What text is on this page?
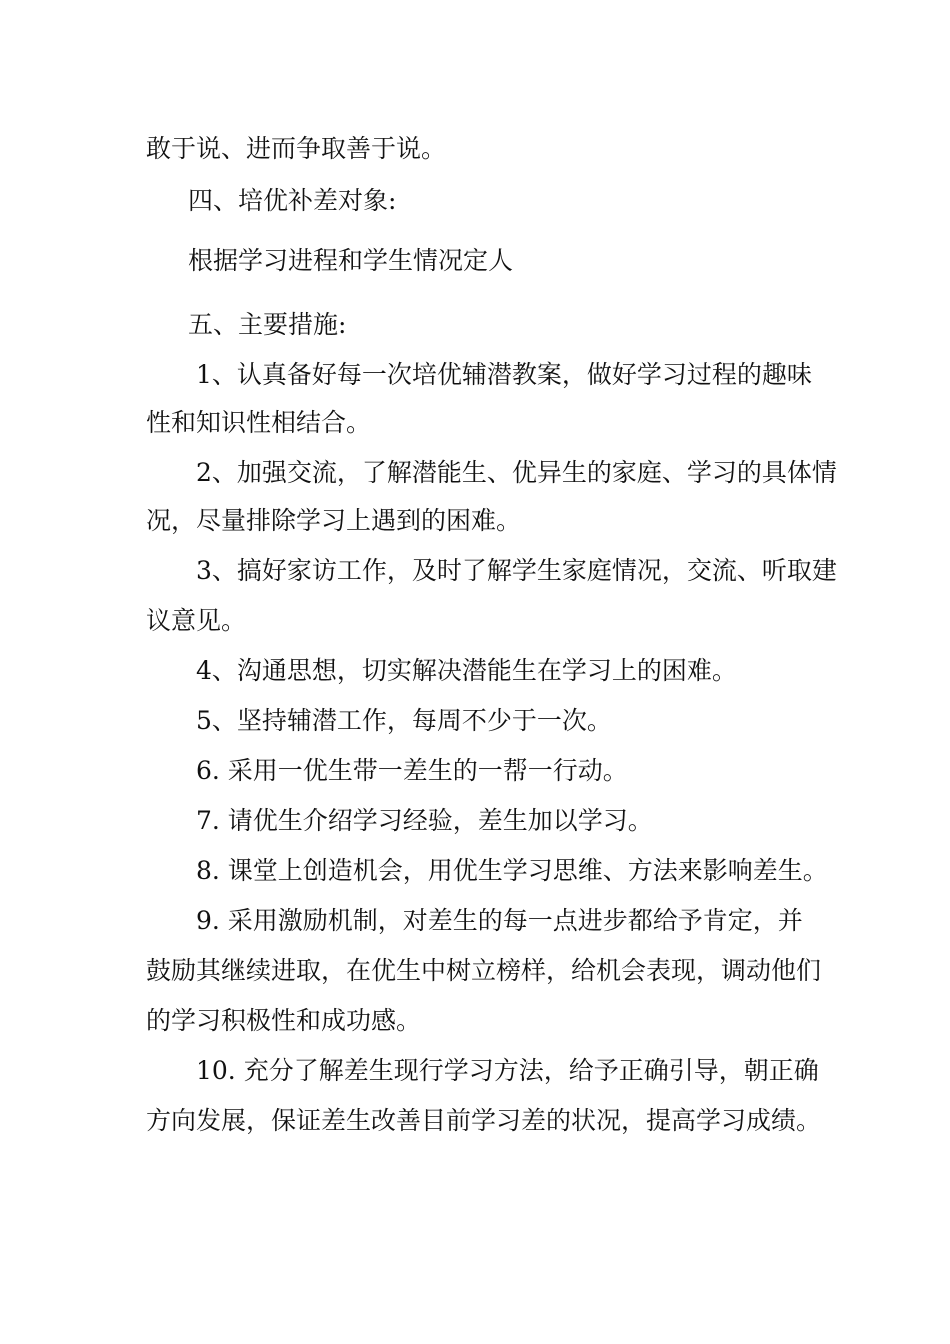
敢于说、进而争取善于说。
四、培优补差对象:
根据学习进程和学生情况定人
五、主要措施:
1、认真备好每一次培优辅潜教案，做好学习过程的趣味
性和知识性相结合。
2、加强交流，了解潜能生、优异生的家庭、学习的具体情
况，尽量排除学习上遇到的困难。
3、搞好家访工作，及时了解学生家庭情况，交流、听取建
议意见。
4、沟通思想，切实解决潜能生在学习上的困难。
5、坚持辅潜工作，每周不少于一次。
6. 采用一优生带一差生的一帮一行动。
7. 请优生介绍学习经验，差生加以学习。
8. 课堂上创造机会，用优生学习思维、方法来影响差生。
9. 采用激励机制，对差生的每一点进步都给予肯定，并
鼓励其继续进取，在优生中树立榜样，给机会表现，调动他们
的学习积极性和成功感。
10. 充分了解差生现行学习方法，给予正确引导，朝正确
方向发展，保证差生改善目前学习差的状况，提高学习成绩。
